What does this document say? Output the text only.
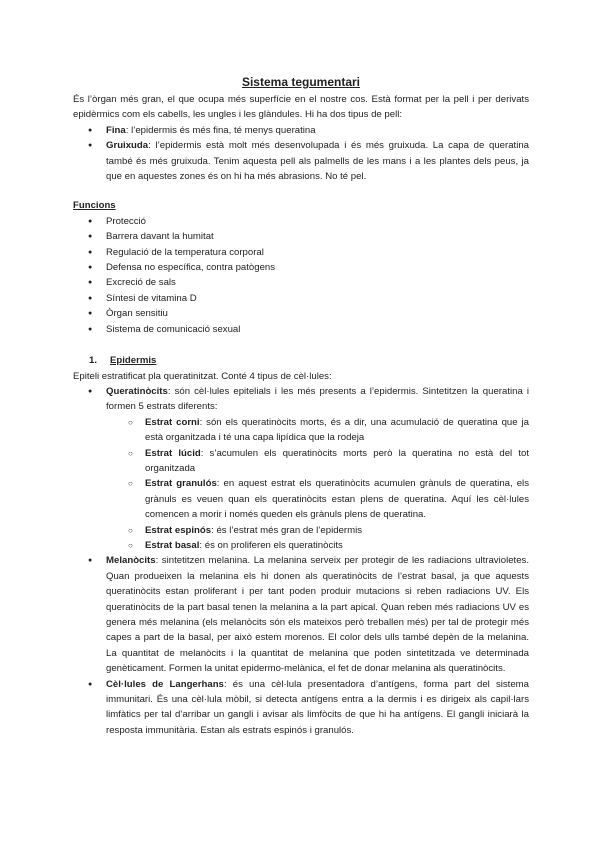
Sistema tegumentari

És l’òrgan més gran, el que ocupa més superfície en el nostre cos. Està format per la pell i per derivats epidèrmics com els cabells, les ungles i les glàndules. Hi ha dos tipus de pell:

● Fina: l’epidermis és més fina, té menys queratina
● Gruixuda: l’epidermis està molt més desenvolupada i és més gruixuda. La capa de queratina també és més gruixuda. Tenim aquesta pell als palmells de les mans i a les plantes dels peus, ja que en aquestes zones és on hi ha més abrasions. No té pel.
Funcions
● Protecció
● Barrera davant la humitat
● Regulació de la temperatura corporal
● Defensa no específica, contra patògens
● Excreció de sals
● Síntesi de vitamina D
● Òrgan sensitiu
● Sistema de comunicació sexual
1. Epidermis

Epiteli estratificat pla queratinitzat. Conté 4 tipus de cèl·lules:

● Queratinòcits: són cèl·lules epitelials i les més presents a l’epidermis. Sintetitzen la queratina i formen 5 estrats diferents:
○ Estrat corni: són els queratinòcits morts, és a dir, una acumulació de queratina que ja està organitzada i té una capa lipídica que la rodeja
○ Estrat lúcid: s’acumulen els queratinòcits morts però la queratina no està del tot organitzada
○ Estrat granulós: en aquest estrat els queratinòcits acumulen grànuls de queratina, els grànuls es veuen quan els queratinòcits estan plens de queratina. Aquí les cèl·lules comencen a morir i només queden els grànuls plens de queratina.
○ Estrat espinós: és l’estrat més gran de l’epidermis
○ Estrat basal: és on proliferen els queratinòcits
● Melanòcits: sintetitzen melanina. La melanina serveix per protegir de les radiacions ultravioletes. Quan produeixen la melanina els hi donen als queratinòcits de l’estrat basal, ja que aquests queratinòcits estan proliferant i per tant poden produir mutacions si reben radiacions UV. Els queratinòcits de la part basal tenen la melanina a la part apical. Quan reben més radiacions UV es genera més melanina (els melanòcits són els mateixos però treballen més) per tal de protegir més capes a part de la basal, per això estem morenos. El color dels ulls també depèn de la melanina. La quantitat de melanòcits i la quantitat de melanina que poden sintetitzada ve determinada genèticament. Formen la unitat epidermo-melànica, el fet de donar melanina als queratinòcits.
● Cèl·lules de Langerhans: és una cèl·lula presentadora d’antígens, forma part del sistema immunitari. És una cèl·lula mòbil, si detecta antígens entra a la dermis i es dirigeix als capil·lars limfàtics per tal d’arribar un gangli i avisar als limfòcits de que hi ha antígens. El gangli iniciarà la resposta immunitària. Estan als estrats espinós i granulós.
